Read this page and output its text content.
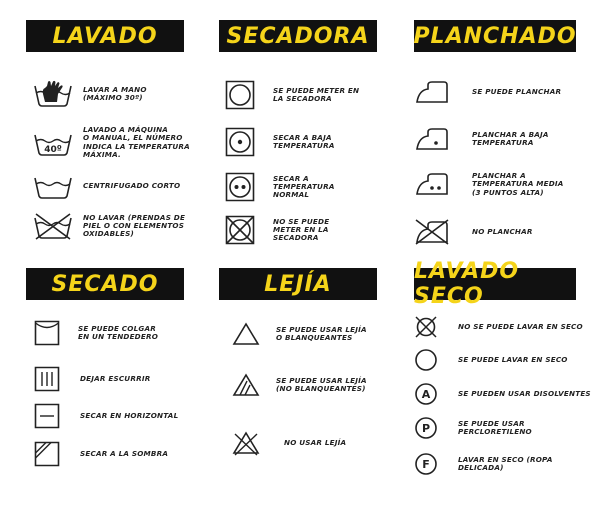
LAVADO
LAVAR A MANO
(MÁXIMO 30º)
40º
LAVADO A MÁQUINA
O MANUAL, EL NÚMERO
INDICA LA TEMPERATURA
MÁXIMA.
CENTRIFUGADO CORTO
NO LAVAR (PRENDAS DE
PIEL O CON ELEMENTOS
OXIDABLES)
SECADORA
SE PUEDE METER EN
LA SECADORA
SECAR A BAJA
TEMPERATURA
SECAR A
TEMPERATURA
NORMAL
NO SE PUEDE
METER EN LA
SECADORA
PLANCHADO
SE PUEDE PLANCHAR
PLANCHAR A BAJA
TEMPERATURA
PLANCHAR A
TEMPERATURA MEDIA
(3 PUNTOS ALTA)
NO PLANCHAR
SECADO
SE PUEDE COLGAR
EN UN TENDEDERO
DEJAR ESCURRIR
SECAR EN HORIZONTAL
SECAR A LA SOMBRA
LEJÍA
SE PUEDE USAR LEJÍA
O BLANQUEANTES
SE PUEDE USAR LEJÍA
(NO BLANQUEANTES)
NO USAR LEJÍA
LAVADO SECO
NO SE PUEDE LAVAR EN SECO
SE PUEDE LAVAR EN SECO
A	SE PUEDEN USAR DISOLVENTES
P	SE PUEDE USAR PERCLORETILENO
F	LAVAR EN SECO (ROPA DELICADA)
